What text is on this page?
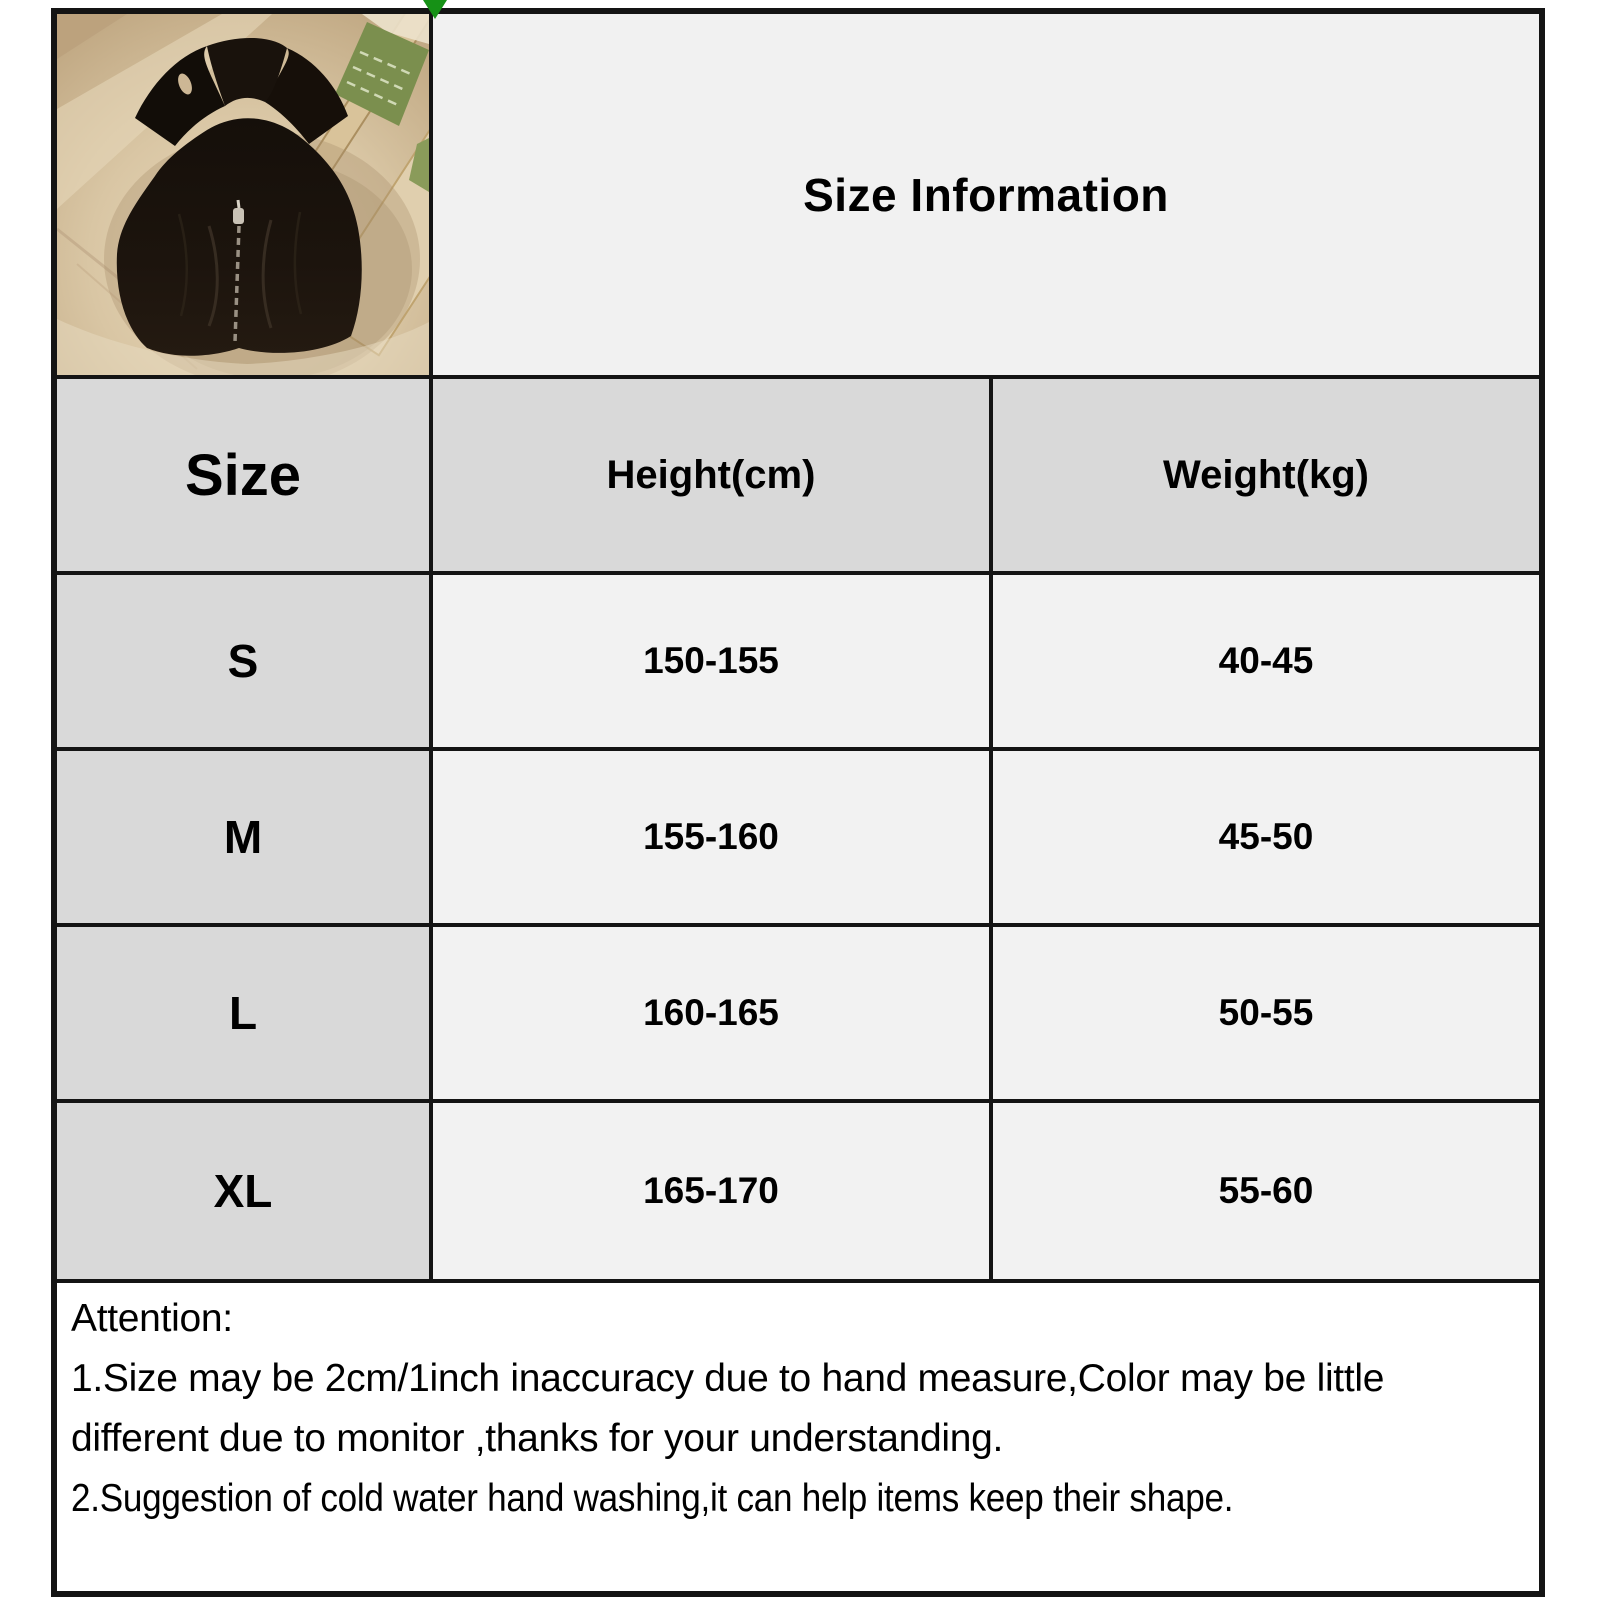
Size Information
Size	Height(cm)	Weight(kg)
S	150-155	40-45
M	155-160	45-50
L	160-165	50-55
XL	165-170	55-60
Attention:
1.Size may be 2cm/1inch inaccuracy due to hand measure,Color may be little
different due to monitor ,thanks for your understanding.
2.Suggestion of cold water hand washing,it can help items keep their shape.
